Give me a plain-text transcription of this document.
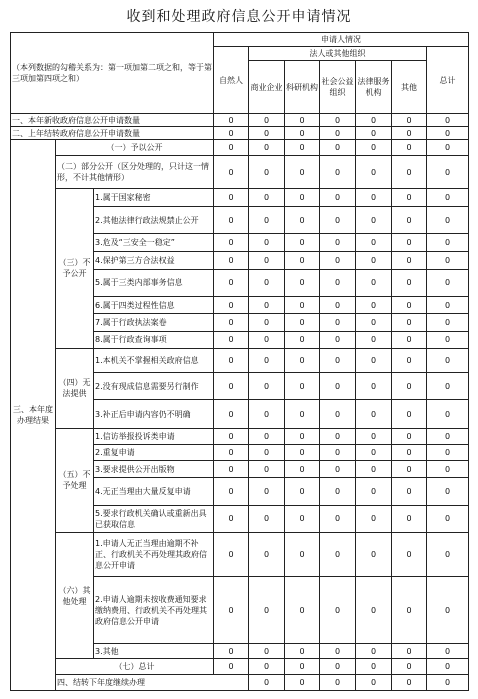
收到和处理政府信息公开申请情况
（本列数据的勾稽关系为：第一项加第二项之和，等于第三项加第四项之和）			申请人情况							
			自然人	法人或其他组织					总计	
				商业企业	科研机构	社会公益组织	法律服务机构	其他		
一、本年新收政府信息公开申请数量			0	0	0	0	0	0	0	
二、上年结转政府信息公开申请数量			0	0	0	0	0	0	0	
三、本年度办理结果	（一）予以公开		0	0	0	0	0	0	0	
	（二）部分公开（区分处理的，只计这一情形，不计其他情形）		0	0	0	0	0	0	0	
	（三）不予公开	1.属于国家秘密	0	0	0	0	0	0	0	
		2.其他法律行政法规禁止公开	0	0	0	0	0	0	0	
		3.危及“三安全一稳定”	0	0	0	0	0	0	0	
		4.保护第三方合法权益	0	0	0	0	0	0	0	
		5.属于三类内部事务信息	0	0	0	0	0	0	0	
		6.属于四类过程性信息	0	0	0	0	0	0	0	
		7.属于行政执法案卷	0	0	0	0	0	0	0	
		8.属于行政查询事项	0	0	0	0	0	0	0	
	（四）无法提供	1.本机关不掌握相关政府信息	0	0	0	0	0	0	0	
		2.没有现成信息需要另行制作	0	0	0	0	0	0	0	
		3.补正后申请内容仍不明确	0	0	0	0	0	0	0	
	（五）不予处理	1.信访举报投诉类申请	0	0	0	0	0	0	0	
		2.重复申请	0	0	0	0	0	0	0	
		3.要求提供公开出版物	0	0	0	0	0	0	0	
		4.无正当理由大量反复申请	0	0	0	0	0	0	0	
		5.要求行政机关确认或重新出具已获取信息	0	0	0	0	0	0	0	
	（六）其他处理	1.申请人无正当理由逾期不补正、行政机关不再处理其政府信息公开申请	0	0	0	0	0	0	0	
		2.申请人逾期未按收费通知要求缴纳费用、行政机关不再处理其政府信息公开申请	0	0	0	0	0	0	0	
		3.其他	0	0	0	0	0	0	0	
	（七）总计		0	0	0	0	0	0	0	
	四、结转下年度继续办理			0	0	0	0	0	0	
